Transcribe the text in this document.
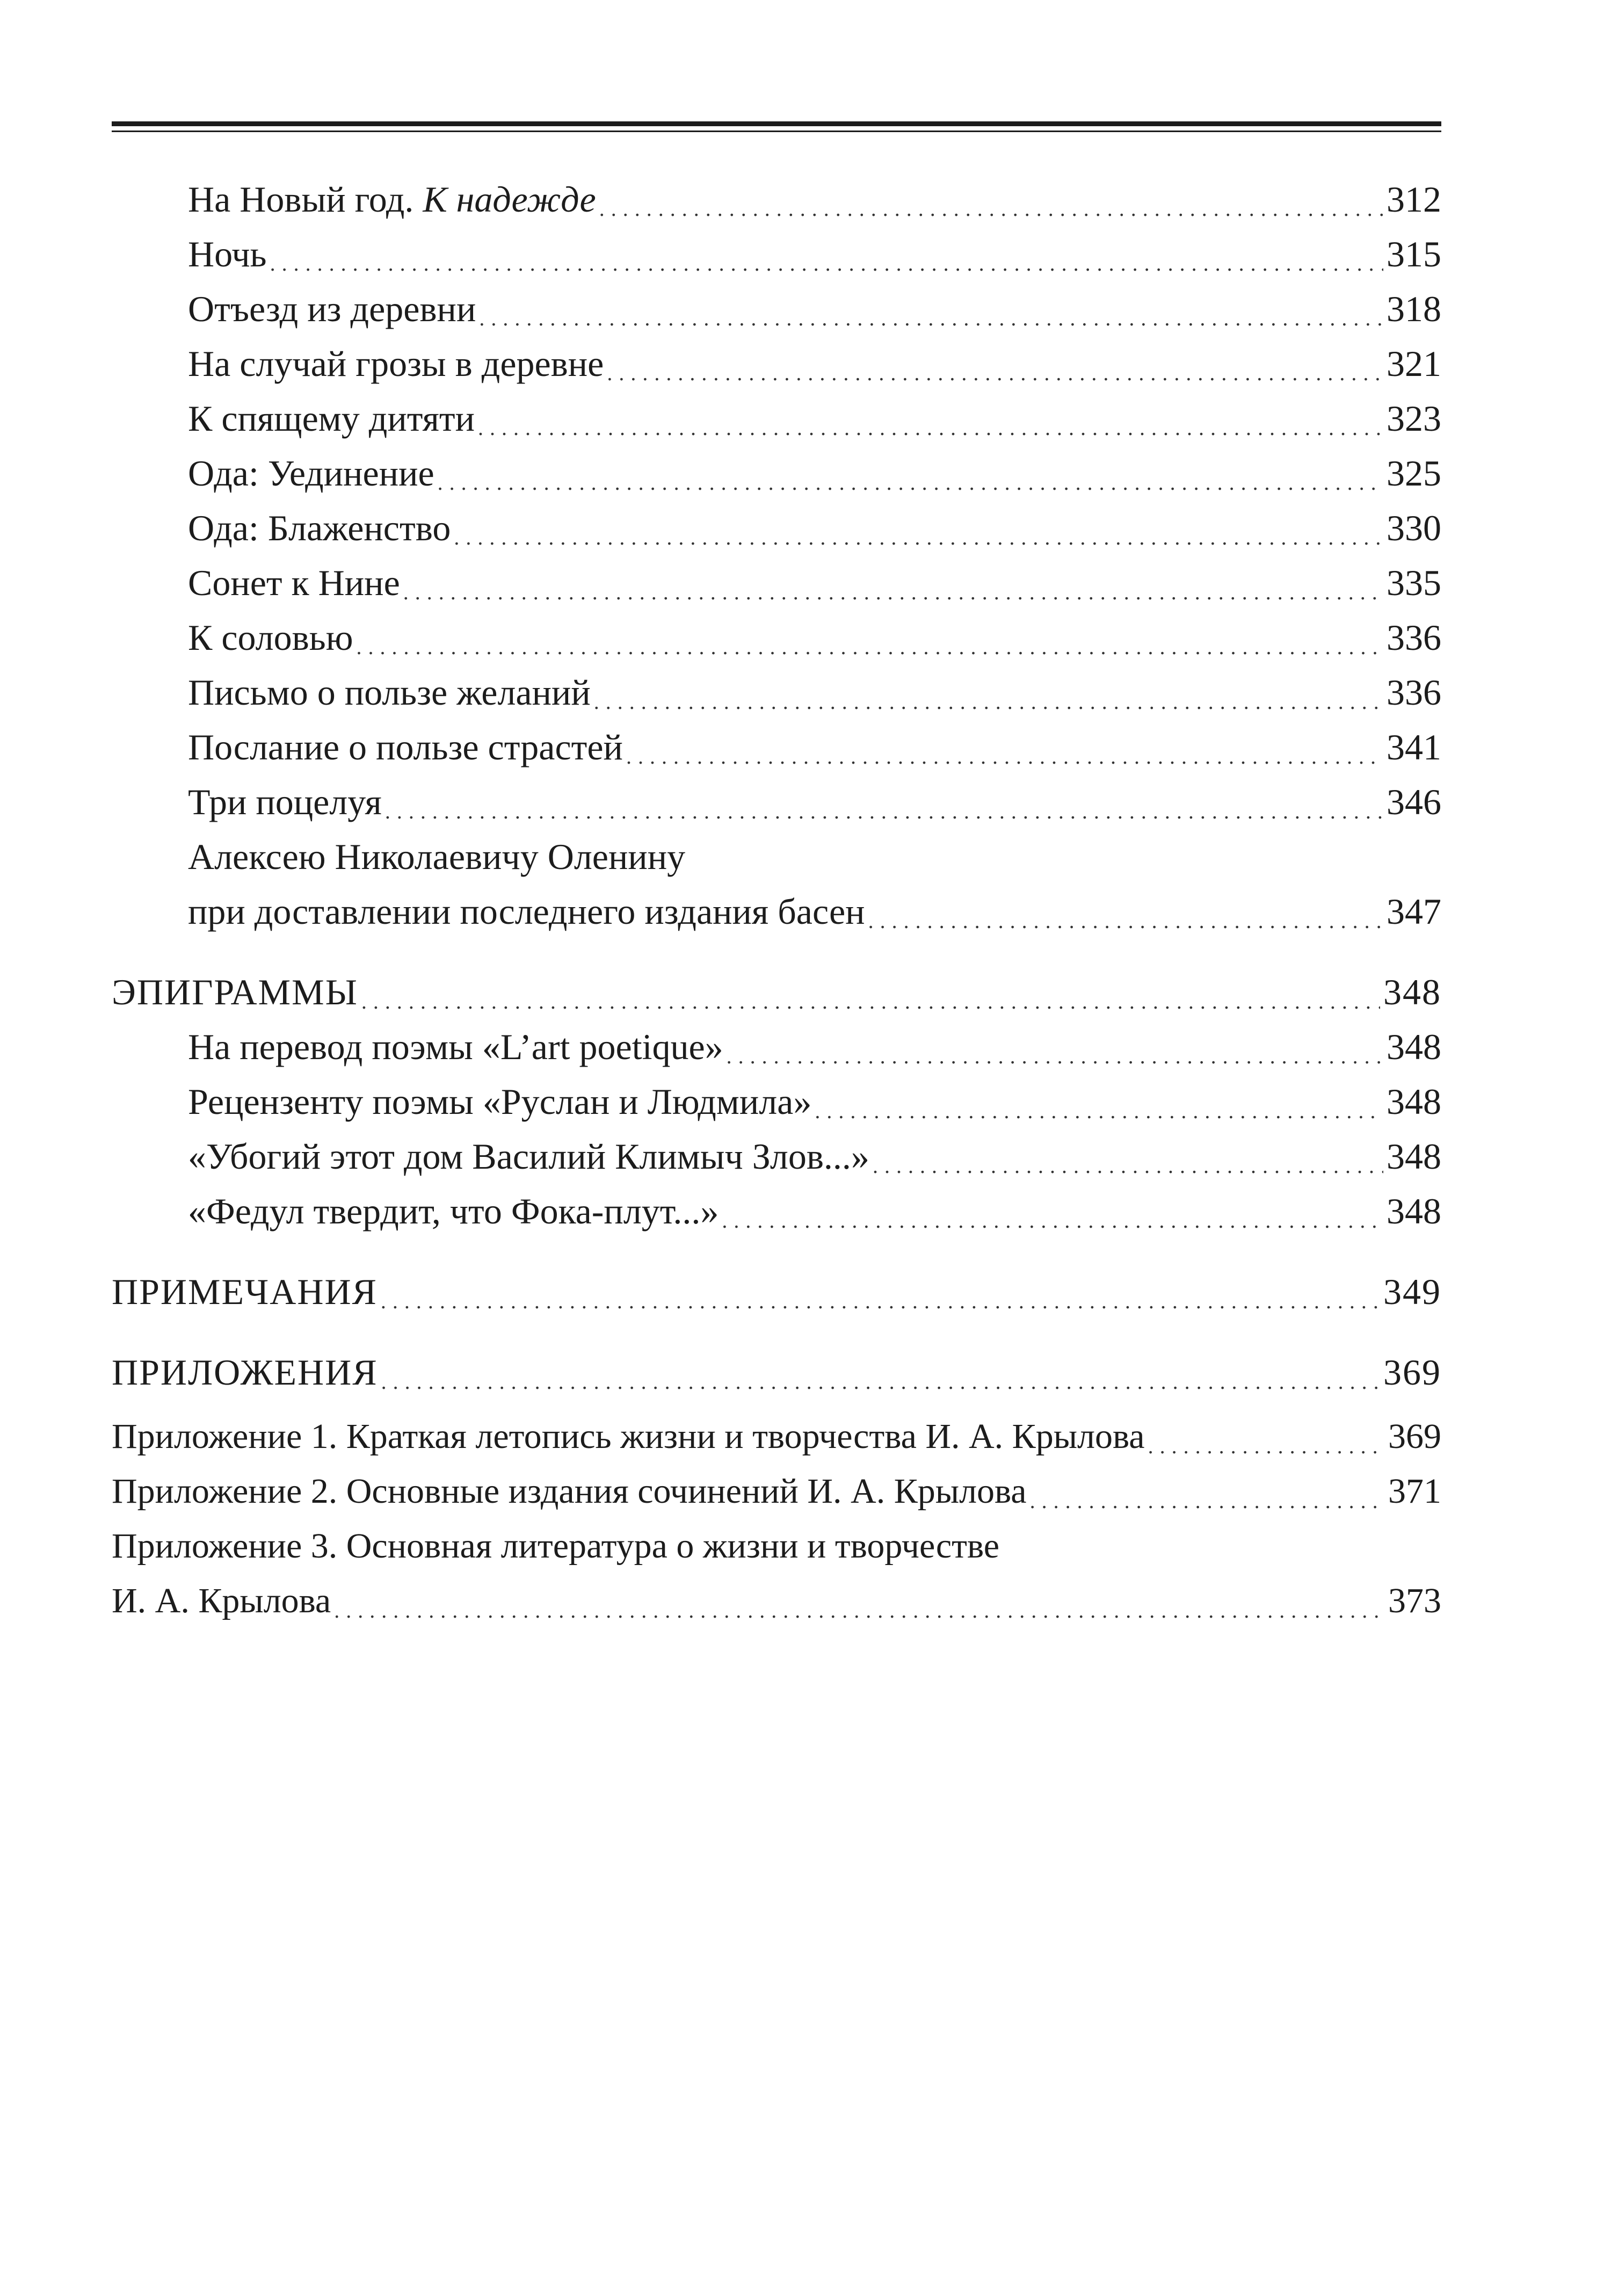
На Новый год. К надежде . . .	312
Ночь . . .	315
Отъезд из деревни . . .	318
На случай грозы в деревне . . .	321
К спящему дитяти . . .	323
Ода: Уединение . . .	325
Ода: Блаженство . . .	330
Сонет к Нине . . .	335
К соловью . . .	336
Письмо о пользе желаний . . .	336
Послание о пользе страстей . . .	341
Три поцелуя . . .	346
Алексею Николаевичу Оленину
при доставлении последнего издания басен . . .	347
ЭПИГРАММЫ . . .	348
На перевод поэмы «L’art poetique» . . .	348
Рецензенту поэмы «Руслан и Людмила» . . .	348
«Убогий этот дом Василий Климыч Злов...» . . .	348
«Федул твердит, что Фока-плут...» . . .	348
ПРИМЕЧАНИЯ . . .	349
ПРИЛОЖЕНИЯ . . .	369
Приложение 1. Краткая летопись жизни и творчества И. А. Крылова . . .	369
Приложение 2. Основные издания сочинений И. А. Крылова . . .	371
Приложение 3. Основная литература о жизни и творчестве
И. А. Крылова . . .	373
